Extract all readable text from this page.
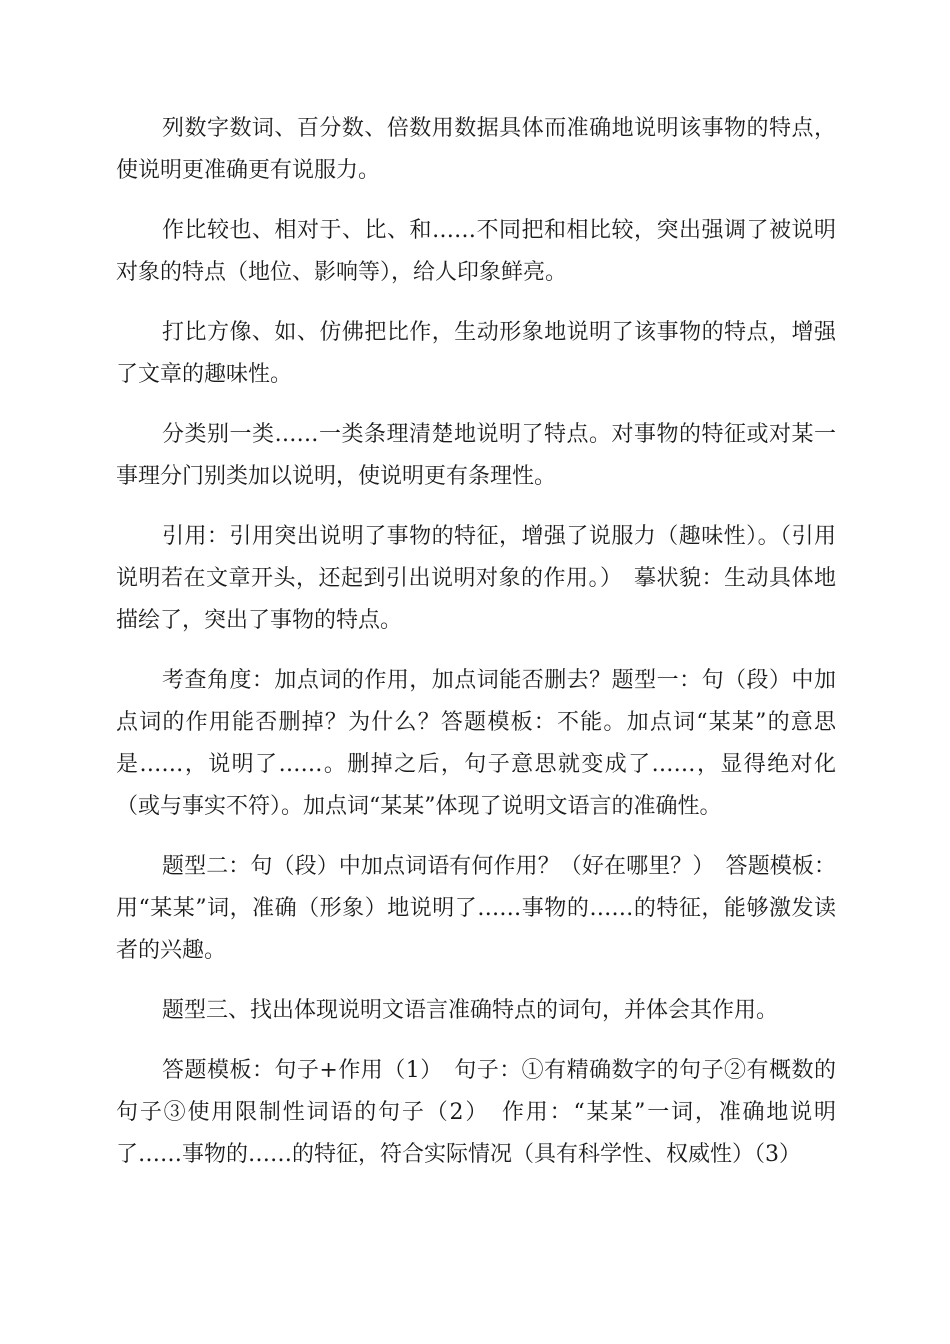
列数字数词、百分数、倍数用数据具体而准确地说明该事物的特点，使说明更准确更有说服力。

作比较也、相对于、比、和……不同把和相比较，突出强调了被说明对象的特点（地位、影响等），给人印象鲜亮。

打比方像、如、仿佛把比作，生动形象地说明了该事物的特点，增强了文章的趣味性。

分类别一类……一类条理清楚地说明了特点。对事物的特征或对某一事理分门别类加以说明，使说明更有条理性。

引用：引用突出说明了事物的特征，增强了说服力（趣味性）。（引用说明若在文章开头，还起到引出说明对象的作用。）　摹状貌：生动具体地描绘了，突出了事物的特点。

考查角度：加点词的作用，加点词能否删去？题型一：句（段）中加点词的作用能否删掉？为什么？答题模板：不能。加点词“某某”的意思是……，说明了……。删掉之后，句子意思就变成了……，显得绝对化（或与事实不符）。加点词“某某”体现了说明文语言的准确性。

题型二：句（段）中加点词语有何作用？（好在哪里？）　答题模板：用“某某”词，准确（形象）地说明了……事物的……的特征，能够激发读者的兴趣。

题型三、找出体现说明文语言准确特点的词句，并体会其作用。

答题模板：句子+作用（1）　句子：①有精确数字的句子②有概数的句子③使用限制性词语的句子（2）　作用：“某某”一词，准确地说明了……事物的……的特征，符合实际情况（具有科学性、权威性）（3）
